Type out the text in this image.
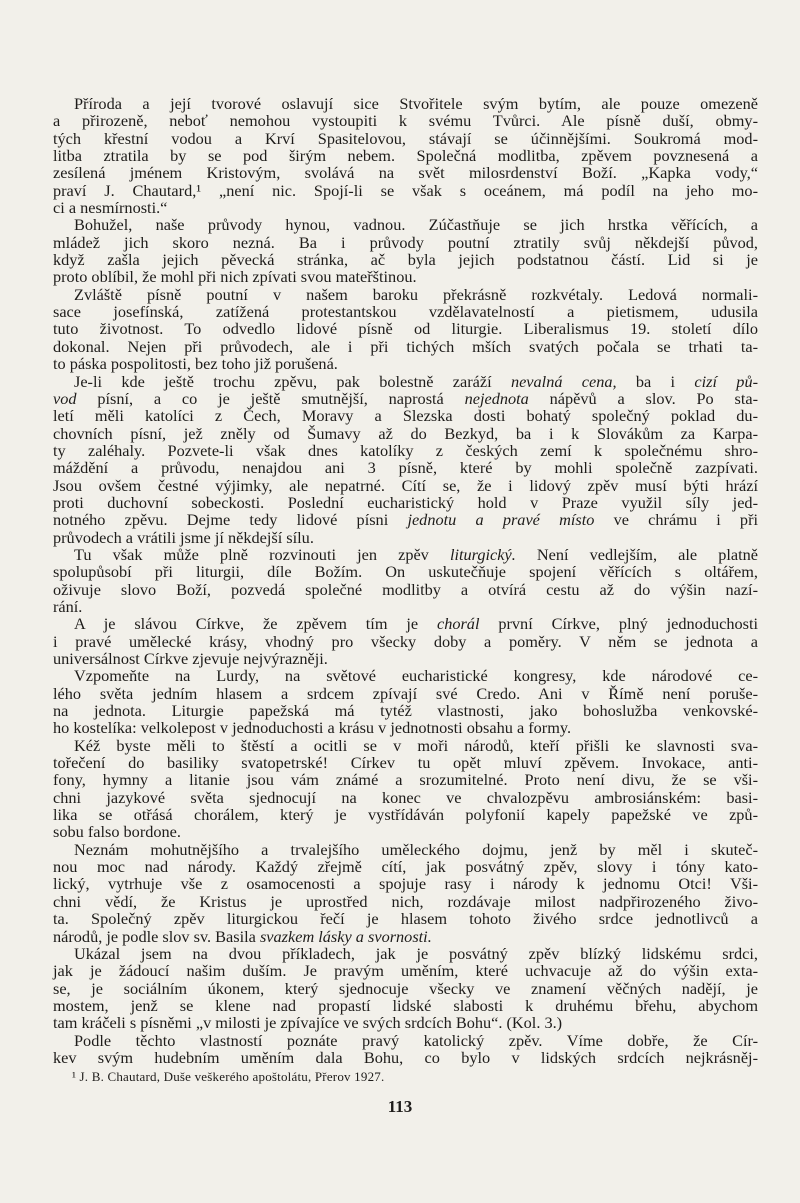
Příroda a její tvorové oslavují sice Stvořitele svým bytím, ale pouze omezeně
a přirozeně, neboť nemohou vystoupiti k svému Tvůrci. Ale písně duší, obmy-
tých křestní vodou a Krví Spasitelovou, stávají se účinnějšími. Soukromá mod-
litba ztratila by se pod širým nebem. Společná modlitba, zpěvem povznesená a
zesílená jménem Kristovým, svolává na svět milosrdenství Boží. „Kapka vody,“
praví J. Chautard,¹ „není nic. Spojí-li se však s oceánem, má podíl na jeho mo-
ci a nesmírnosti.“
Bohužel, naše průvody hynou, vadnou. Zúčastňuje se jich hrstka věřících, a
mládež jich skoro nezná. Ba i průvody poutní ztratily svůj někdejší původ,
když zašla jejich pěvecká stránka, ač byla jejich podstatnou částí. Lid si je
proto oblíbil, že mohl při nich zpívati svou mateřštinou.
Zvláště písně poutní v našem baroku překrásně rozkvétaly. Ledová normali-
sace josefínská, zatížená protestantskou vzdělavatelností a pietismem, udusila
tuto životnost. To odvedlo lidové písně od liturgie. Liberalismus 19. století dílo
dokonal. Nejen při průvodech, ale i při tichých mších svatých počala se trhati ta-
to páska pospolitosti, bez toho již porušená.
Je-li kde ještě trochu zpěvu, pak bolestně zaráží nevalná cena, ba i cizí pů-
vod písní, a co je ještě smutnější, naprostá nejednota nápěvů a slov. Po sta-
letí měli katolíci z Čech, Moravy a Slezska dosti bohatý společný poklad du-
chovních písní, jež zněly od Šumavy až do Bezkyd, ba i k Slovákům za Karpa-
ty zaléhaly. Pozvete-li však dnes katolíky z českých zemí k společnému shro-
máždění a průvodu, nenajdou ani 3 písně, které by mohli společně zazpívati.
Jsou ovšem čestné výjimky, ale nepatrné. Cítí se, že i lidový zpěv musí býti hrází
proti duchovní sobeckosti. Poslední eucharistický hold v Praze využil síly jed-
notného zpěvu. Dejme tedy lidové písni jednotu a pravé místo ve chrámu i při
průvodech a vrátili jsme jí někdejší sílu.
Tu však může plně rozvinouti jen zpěv liturgický. Není vedlejším, ale platně
spolupůsobí při liturgii, díle Božím. On uskutečňuje spojení věřících s oltářem,
oživuje slovo Boží, pozvedá společné modlitby a otvírá cestu až do výšin nazí-
rání.
A je slávou Církve, že zpěvem tím je chorál první Církve, plný jednoduchosti
i pravé umělecké krásy, vhodný pro všecky doby a poměry. V něm se jednota a
universálnost Církve zjevuje nejvýrazněji.
Vzpomeňte na Lurdy, na světové eucharistické kongresy, kde národové ce-
lého světa jedním hlasem a srdcem zpívají své Credo. Ani v Římě není poruše-
na jednota. Liturgie papežská má tytéž vlastnosti, jako bohoslužba venkovské-
ho kostelíka: velkolepost v jednoduchosti a krásu v jednotnosti obsahu a formy.
Kéž byste měli to štěstí a ocitli se v moři národů, kteří přišli ke slavnosti sva-
tořečení do basiliky svatopetrské! Církev tu opět mluví zpěvem. Invokace, anti-
fony, hymny a litanie jsou vám známé a srozumitelné. Proto není divu, že se vši-
chni jazykové světa sjednocují na konec ve chvalozpěvu ambrosiánském: basi-
lika se otřásá chorálem, který je vystřídáván polyfonií kapely papežské ve způ-
sobu falso bordone.
Neznám mohutnějšího a trvalejšího uměleckého dojmu, jenž by měl i skuteč-
nou moc nad národy. Každý zřejmě cítí, jak posvátný zpěv, slovy i tóny kato-
lický, vytrhuje vše z osamocenosti a spojuje rasy i národy k jednomu Otci! Vši-
chni vědí, že Kristus je uprostřed nich, rozdávaje milost nadpřirozeného živo-
ta. Společný zpěv liturgickou řečí je hlasem tohoto živého srdce jednotlivců a
národů, je podle slov sv. Basila svazkem lásky a svornosti.
Ukázal jsem na dvou příkladech, jak je posvátný zpěv blízký lidskému srdci,
jak je žádoucí našim duším. Je pravým uměním, které uchvacuje až do výšin exta-
se, je sociálním úkonem, který sjednocuje všecky ve znamení věčných nadějí, je
mostem, jenž se klene nad propastí lidské slabosti k druhému břehu, abychom
tam kráčeli s písněmi „v milosti je zpívajíce ve svých srdcích Bohu“. (Kol. 3.)
Podle těchto vlastností poznáte pravý katolický zpěv. Víme dobře, že Cír-
kev svým hudebním uměním dala Bohu, co bylo v lidských srdcích nejkrásněj-
¹ J. B. Chautard, Duše veškerého apoštolátu, Přerov 1927.
113
